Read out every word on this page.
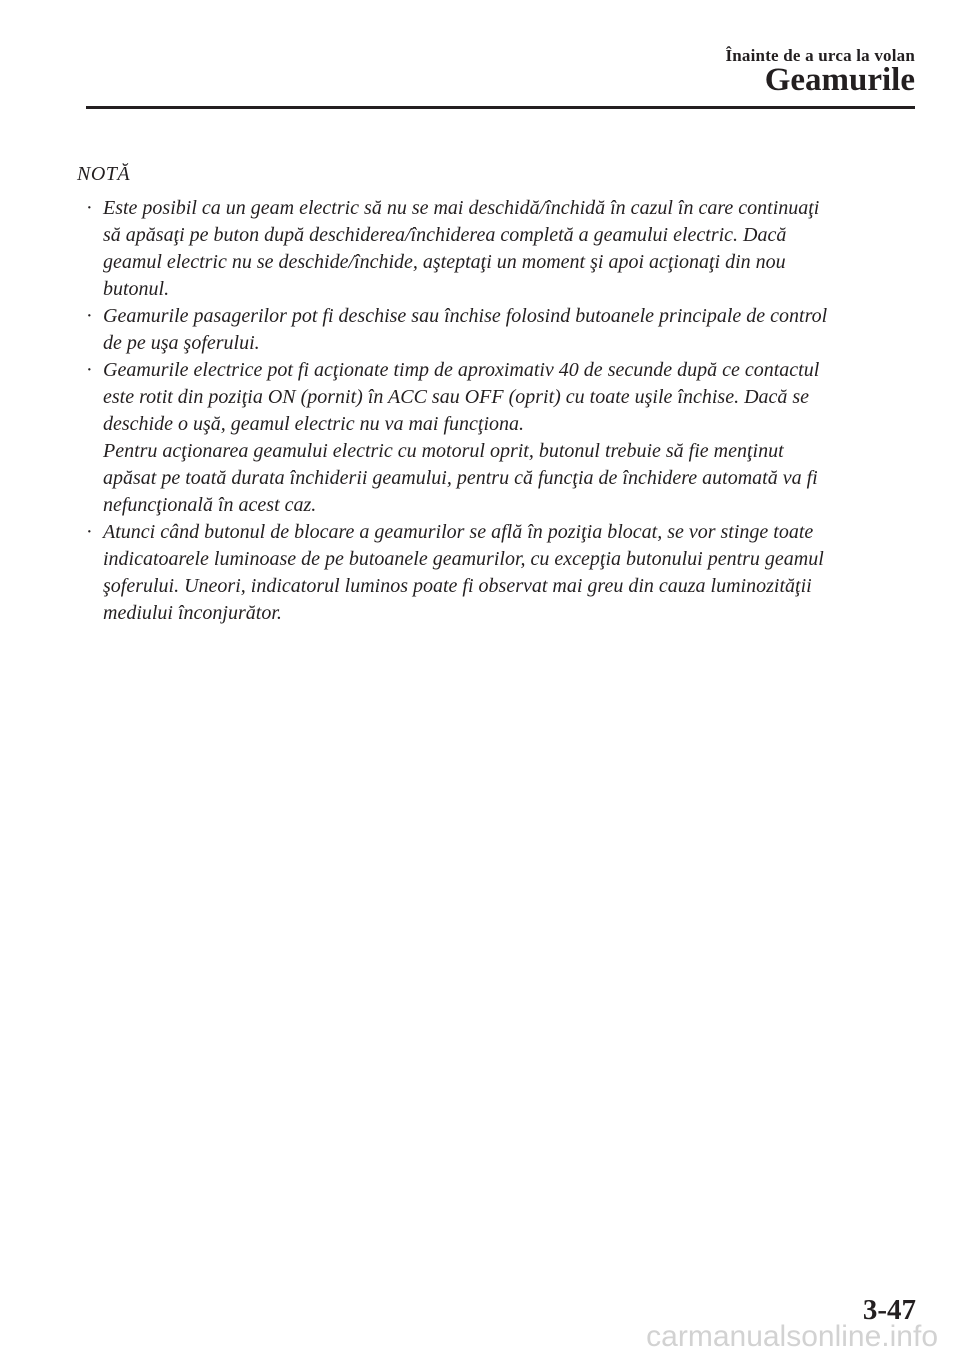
Înainte de a urca la volan
Geamurile
NOTĂ
· Este posibil ca un geam electric să nu se mai deschidă/închidă în cazul în care continuaţi
să apăsaţi pe buton după deschiderea/închiderea completă a geamului electric. Dacă
geamul electric nu se deschide/închide, aşteptaţi un moment şi apoi acţionaţi din nou
butonul.
· Geamurile pasagerilor pot fi deschise sau închise folosind butoanele principale de control
de pe uşa şoferului.
· Geamurile electrice pot fi acţionate timp de aproximativ 40 de secunde după ce contactul
este rotit din poziţia ON (pornit) în ACC sau OFF (oprit) cu toate uşile închise. Dacă se
deschide o uşă, geamul electric nu va mai funcţiona.
Pentru acţionarea geamului electric cu motorul oprit, butonul trebuie să fie menţinut
apăsat pe toată durata închiderii geamului, pentru că funcţia de închidere automată va fi
nefuncţională în acest caz.
· Atunci când butonul de blocare a geamurilor se află în poziţia blocat, se vor stinge toate
indicatoarele luminoase de pe butoanele geamurilor, cu excepţia butonului pentru geamul
şoferului. Uneori, indicatorul luminos poate fi observat mai greu din cauza luminozităţii
mediului înconjurător.
3-47
carmanualsonline.info
